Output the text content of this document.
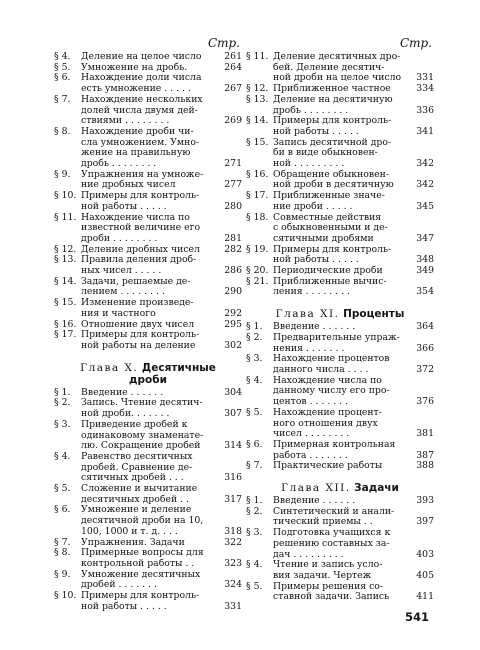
Стр.
§ 4.	Деление на целое число	261
§ 5.	Умножение на дробь.	264
§ 6.	Нахождение доли числа
есть умножение . . . . .	267
§ 7.	Нахождение нескольких
долей числа двумя дей-
ствиями . . . . . . . .	269
§ 8.	Нахождение дроби чи-
сла умножением. Умно-
жение на правильную
дробь . . . . . . . .	271
§ 9.	Упражнения на умноже-
ние дробных чисел	277
§ 10. Примеры для контроль-
ной работы . . . . .	280
§ 11. Нахождение числа по
известной величине его
дроби . . . . . . . .	281
§ 12. Деление дробных чисел	282
§ 13. Правила деления дроб-
ных чисел . . . . .	286
§ 14. Задачи, решаемые де-
лением . . . . . . . .	290
§ 15. Изменение произведе-
ния и частного	292
§ 16. Отношение двух чисел	295
§ 17. Примеры для контроль-
ной работы на деление	302
Глава X. Десятичные
дроби
§ 1.	Введение . . . . . .	304
§ 2.	Запись. Чтение десятич-
ной дроби. . . . . . .	307
§ 3.	Приведение дробей к
одинаковому знаменате-
лю. Сокращение дробей	314
§ 4.	Равенство десятичных
дробей. Сравнение де-
сятичных дробей . . .	316
§ 5.	Сложение и вычитание
десятичных дробей . .	317
§ 6.	Умножение и деление
десятичной дроби на 10,
100, 1000 и т. д. . . .	318
§ 7.	Упражнения. Задачи	322
§ 8.	Примерные вопросы для
контрольной работы . .	323
§ 9.	Умножение десятичных
дробей . . . . . . .	324
§ 10. Примеры для контроль-
ной работы . . . . .	331
Стр.
§ 11. Деление десятичных дро-
бей. Деление десятич-
ной дроби на целое число	331
§ 12. Приближенное частное	334
§ 13. Деление на десятичную
дробь . . . . . . . .	336
§ 14. Примеры для контроль-
ной работы . . . . .	341
§ 15. Запись десятичной дро-
би в виде обыкновен-
ной . . . . . . . . .	342
§ 16. Обращение обыкновен-
ной дроби в десятичную	342
§ 17. Приближенные значе-
ние дроби . . . . .	345
§ 18. Совместные действия
с обыкновенными и де-
сятичными дробями	347
§ 19. Примеры для контроль-
ной работы . . . . .	348
§ 20. Периодические дроби	349
§ 21. Приближенные вычис-
ления . . . . . . . .	354
Глава XI. Проценты
§ 1.	Введение . . . . . .	364
§ 2.	Предварительные упраж-
нения . . . . . . .	366
§ 3.	Нахождение процентов
данного числа . . . .	372
§ 4.	Нахождение числа по
данному числу его про-
центов . . . . . . .	376
§ 5.	Нахождение процент-
ного отношения двух
чисел . . . . . . . .	381
§ 6.	Примерная контрольная
работа . . . . . . .	387
§ 7.	Практические работы	388
Глава XII. Задачи
§ 1.	Введение . . . . . .	393
§ 2.	Синтетический и анали-
тический приемы . .	397
§ 3.	Подготовка учащихся к
решению составных за-
дач . . . . . . . . .	403
§ 4.	Чтение и запись усло-
вия задачи. Чертеж	405
§ 5.	Примеры решения со-
ставной задачи. Запись	411
541
